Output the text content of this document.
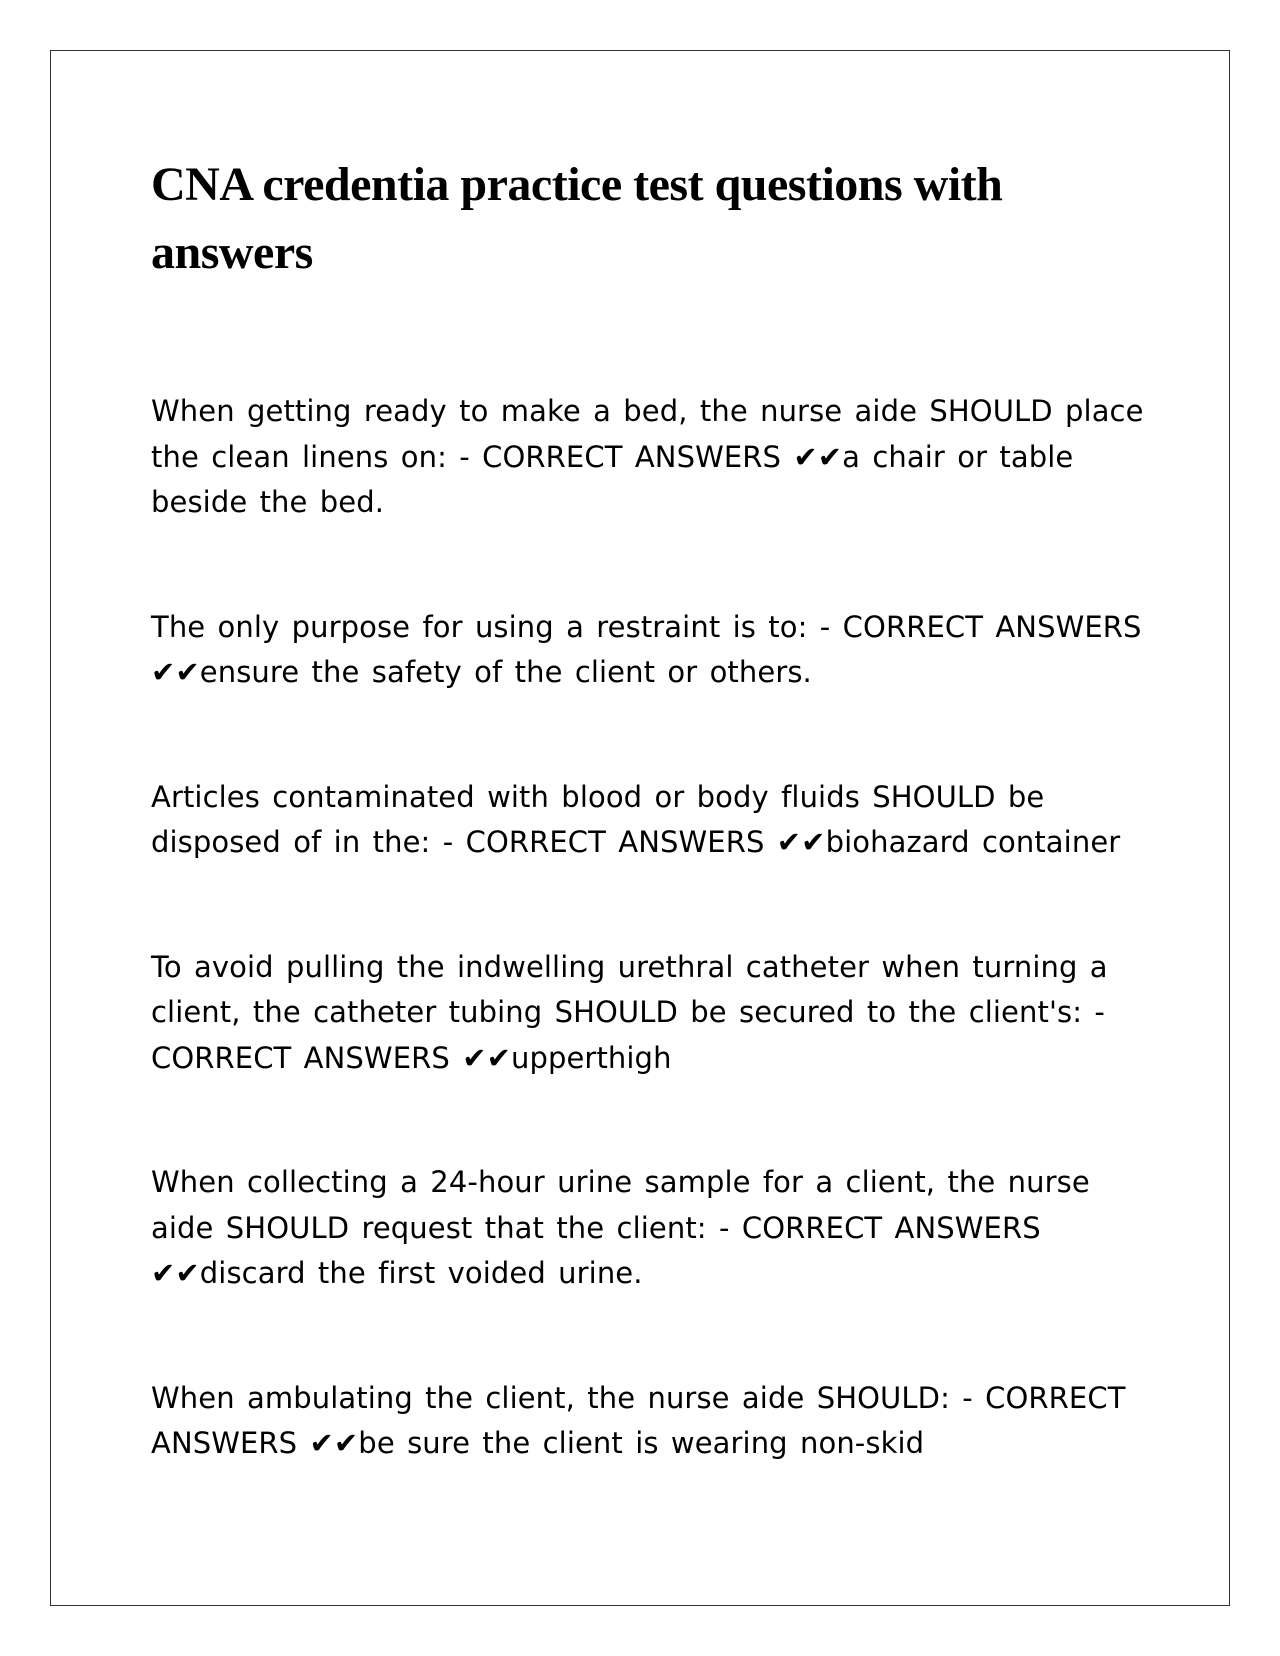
CNA credentia practice test questions with answers

When getting ready to make a bed, the nurse aide SHOULD place the clean linens on: - CORRECT ANSWERS ✔✔a chair or table beside the bed.

The only purpose for using a restraint is to: - CORRECT ANSWERS ✔✔ensure the safety of the client or others.

Articles contaminated with blood or body fluids SHOULD be disposed of in the: - CORRECT ANSWERS ✔✔biohazard container

To avoid pulling the indwelling urethral catheter when turning a client, the catheter tubing SHOULD be secured to the client's: - CORRECT ANSWERS ✔✔upperthigh

When collecting a 24-hour urine sample for a client, the nurse aide SHOULD request that the client: - CORRECT ANSWERS ✔✔discard the first voided urine.

When ambulating the client, the nurse aide SHOULD: - CORRECT ANSWERS ✔✔be sure the client is wearing non-skid
